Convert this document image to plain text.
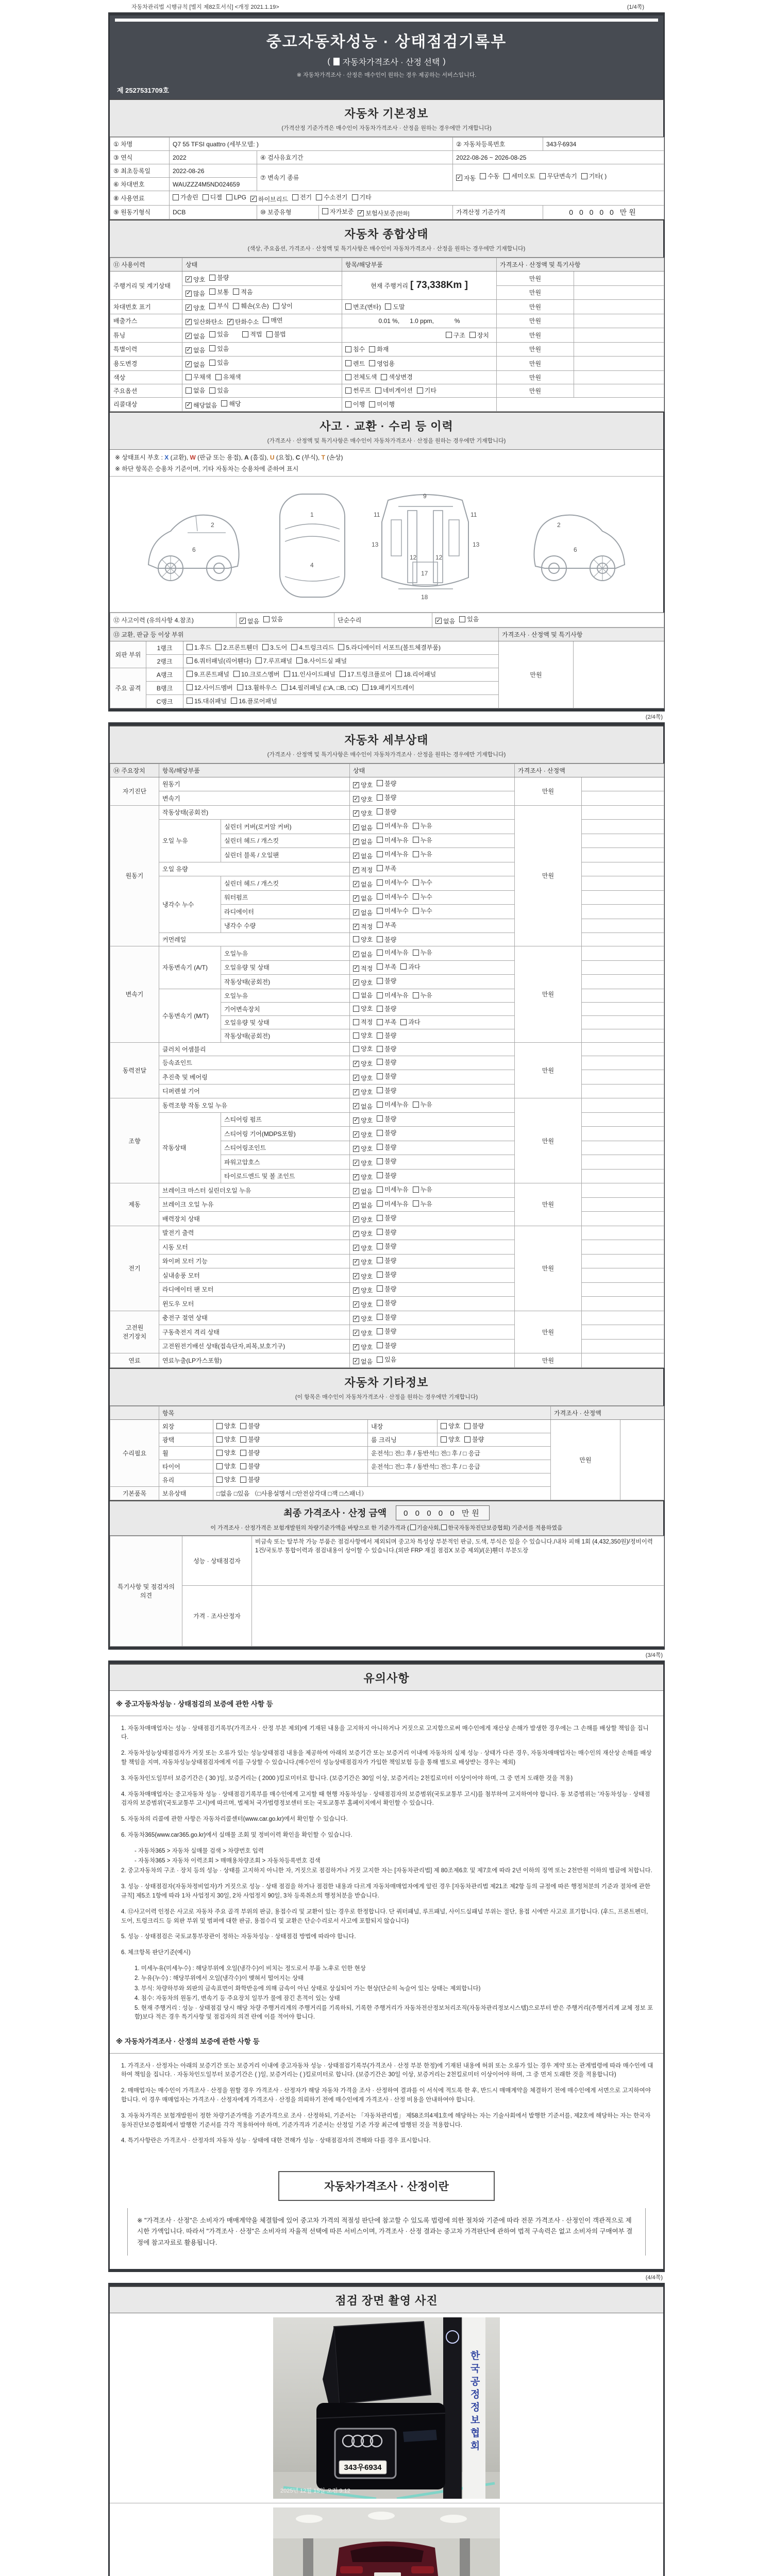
자동차관리법 시행규칙 [별지 제82호서식] <개정 2021.1.19>	(1/4쪽)
중고자동차성능 · 상태점검기록부
( 자동차가격조사 · 산정 선택 )
※ 자동차가격조사 · 산정은 매수인이 원하는 경우 제공하는 서비스입니다.
제 2527531709호
자동차 기본정보
(가격산정 기준가격은 매수인이 자동차가격조사 · 산정을 원하는 경우에만 기재합니다)
① 차명	Q7 55 TFSI quattro (세부모델: )			② 자동차등록번호	343우6934
③ 연식	2022	④ 검사유효기간		2022-08-26 ~ 2026-08-25	
⑤ 최초등록일	2022-08-26	⑦ 변속기 종류	✓ 자동 수동 세미오토 무단변속기 기타( )

⑥ 차대번호	WAUZZZ4M5ND024659				
⑧ 사용연료	가솔린 디젤 LPG ✓ 하이브리드 전기 수소전기 기타

⑨ 원동기형식	DCB	⑩ 보증유형	자가보증 ✓ 보험사보증 [한화]	가격산정 기준가격	0 0 0 0 0 만원
자동차 종합상태
(색상, 주요옵션, 가격조사 · 산정액 및 특기사항은 매수인이 자동차가격조사 · 산정을 원하는 경우에만 기재합니다)
⑪ 사용이력	상태	항목/해당부품	가격조사 · 산정액 및 특기사항	
주행거리 및 계기상태	✓ 양호 불량	현재 주행거리 [ 73,338Km ]	만원	

✓ 많음 보통 적음		만원	
차대번호 표기	✓ 양호 부식 훼손(오손) 상이	변조(변타) 도말	만원	
배출가스	✓ 일산화탄소 ✓ 탄화수소 매연	0.01 %,      1.0 ppm,            %	만원	
튜닝	✓ 없음 있음 적법 불법	구조 장치	만원	
특별이력	✓ 없음 있음	침수 화재	만원	
용도변경	✓ 없음 있음	렌트 영업용	만원	
색상	무채색 유채색	전체도색 색상변경	만원	
주요옵션	없음 있음	썬루프 네비게이션 기타	만원	
리콜대상	✓ 해당없음 해당	이행 미이행		

사고 · 교환 · 수리 등 이력
(가격조사 · 산정액 및 특기사항은 매수인이 자동차가격조사 · 산정을 원하는 경우에만 기재합니다)
※ 상태표시 부호 : X (교환), W (판금 또는 용접), A (흠집), U (요철), C (부식), T (손상)
※ 하단 항목은 승용차 기준이며, 기타 자동차는 승용차에 준하여 표시
2
6
1
4
9
11	11
13	13
12	12
17
18
2
6
⑫ 사고이력 (유의사항 4.참조)	✓ 없음 있음	단순수리	✓ 없음 있음
⑬ 교환, 판금 등 이상 부위			가격조사 · 산정액 및 특기사항	
외판 부위	1랭크	1.후드 2.프론트휀더 3.도어 4.트렁크리드 5.라디에이터 서포트(볼트체결부품)	만원	
	2랭크	6.쿼터패널(리어휀다) 7.루프패널 8.사이드실 패널		

주요 골격	A랭크	9.프론트패널 10.크로스멤버 11.인사이드패널 17.트렁크플로어 18.리어패널		

	B랭크	12.사이드멤버 13.휠하우스 14.필러패널 (□A, □B, □C) 19.패키지트레이		

	C랭크	15.대쉬패널 16.플로어패널		
(2/4쪽)
자동차 세부상태
(가격조사 · 산정액 및 특기사항은 매수인이 자동차가격조사 · 산정을 원하는 경우에만 기재합니다)
⑭ 주요장치	항목/해당부품		상태	가격조사 · 산정액	
자기진단	원동기		✓ 양호 불량	만원	
	변속기		✓ 양호 불량		

원동기	작동상태(공회전)		✓ 양호 불량	만원	
	오일 누유	실린더 커버(로커암 커버)	✓ 없음 미세누유 누유		

		실린더 헤드 / 개스킷	✓ 없음 미세누유 누유		

		실린더 블록 / 오일팬	✓ 없음 미세누유 누유		

	오일 유량		✓ 적정 부족		

	냉각수 누수	실린더 헤드 / 개스킷	✓ 없음 미세누수 누수		

		워터펌프	✓ 없음 미세누수 누수		

		라디에이터	✓ 없음 미세누수 누수		

		냉각수 수량	✓ 적정 부족		

	커먼레일		양호 불량		

변속기	자동변속기 (A/T)	오일누유	✓ 없음 미세누유 누유	만원	
		오일유량 및 상태	✓ 적정 부족 과다		

		작동상태(공회전)	✓ 양호 불량		

	수동변속기 (M/T)	오일누유	없음 미세누유 누유		

		기어변속장치	양호 불량		

		오일유량 및 상태	적정 부족 과다		

		작동상태(공회전)	양호 불량		

동력전달	클러치 어셈블리		양호 불량	만원	
	등속죠인트		✓ 양호 불량		

	추진축 및 베어링		✓ 양호 불량		

	디퍼렌셜 기어		✓ 양호 불량		

조향	동력조향 작동 오일 누유		✓ 없음 미세누유 누유	만원	
	작동상태	스티어링 펌프	✓ 양호 불량		

		스티어링 기어(MDPS포함)	✓ 양호 불량		

		스티어링조인트	✓ 양호 불량		

		파워고압호스	✓ 양호 불량		

		타이로드엔드 및 볼 조인트	✓ 양호 불량		

제동	브레이크 마스터 실린더오일 누유		✓ 없음 미세누유 누유	만원	
	브레이크 오일 누유		✓ 없음 미세누유 누유		

	배력장치 상태		✓ 양호 불량		

전기	발전기 출력		✓ 양호 불량	만원	
	시동 모터		✓ 양호 불량		

	와이퍼 모터 기능		✓ 양호 불량		

	실내송풍 모터		✓ 양호 불량		

	라디에이터 팬 모터		✓ 양호 불량		

	윈도우 모터		✓ 양호 불량		

고전원 전기장치	충전구 절연 상태		✓ 양호 불량	만원	
	구동축전지 격리 상태		✓ 양호 불량		

	고전원전기배선 상태(접속단자,피복,보호기구)		✓ 양호 불량		

연료	연료누출(LP가스포함)		✓ 없음 있음	만원	
자동차 기타정보
(이 항목은 매수인이 자동차가격조사 · 산정을 원하는 경우에만 기재합니다)
	항목				가격조사 · 산정액	
수리필요	외장	양호 불량	내장	양호 불량	만원	
	광택	양호 불량	룸 크리닝	양호 불량		

	휠	양호 불량	운전석□ 전□ 후 / 동반석□ 전□ 후 / □ 응급			
	타이어	양호 불량	운전석□ 전□ 후 / 동반석□ 전□ 후 / □ 응급			
	유리	양호 불량				

기본품목	보유상태	□없음 □있음 （□사용설명서 □안전삼각대 □잭 □스패너）				
최종 가격조사 · 산정 금액	0 0 0 0 0 만원
이 가격조사 · 산정가격은 보험개발원의 차량기준가액을 바탕으로 한 기준가격과 ( 기술사회, 한국자동차진단보증협회) 기준서를 적용하였음
특기사항 및 점검자의 의견	성능 · 상태점검자	비금속 또는 탈부착 가능 부품은 점검사항에서 제외되며 중고차 특성상 부분적인 판금, 도색, 부식은 있을 수 있습니다./내차 피해 1회 (4,432,350원)/정비이력 1건/국토부 통합이력과 점검내용이 상이할 수 있습니다.(외판 FRP 재질 점검X 보증 제외)/(운)휀더 부분도장
	가격 · 조사산정자	
(3/4쪽)
유의사항
※ 중고자동차성능 · 상태점검의 보증에 관한 사항 등
1. 자동차매매업자는 성능 · 상태점검기록부(가격조사 · 산정 부분 제외)에 기재된 내용을 고지하지 아니하거나 거짓으로 고지함으로써 매수인에게 재산상 손해가 발생한 경우에는 그 손해를 배상할 책임을 집니다.
2. 자동차성능상태점검자가 거짓 또는 오류가 있는 성능상태점검 내용을 제공하여 아래의 보증기간 또는 보증거리 이내에 자동차의 실제 성능 · 상태가 다른 경우, 자동차매매업자는 매수인의 재산상 손해를 배상할 책임을 지며, 자동차성능상태점검자에게 이를 구상할 수 있습니다.(매수인이 성능상태점검자가 가입한 책임보험 등을 통해 별도로 배상받는 경우는 제외)
3. 자동차인도일부터 보증기간은 ( 30 )일, 보증거리는 ( 2000 )킬로미터로 합니다. (보증기간은 30일 이상, 보증거리는 2천킬로미터 이상이어야 하며, 그 중 먼저 도래한 것을 적용)
4. 자동차매매업자는 중고자동차 성능 · 상태점검기록부를 매수인에게 고지할 때 현행 자동차성능 · 상태점검자의 보증범위(국토교통부 고시)를 첨부하여 고지하여야 합니다. 동 보증범위는 '자동차성능 · 상태점검자의 보증범위'(국토교통부 고시)에 따르며, 법제처 국가법령정보센터 또는 국토교통부 홈페이지에서 확인할 수 있습니다.
5. 자동차의 리콜에 관한 사항은 자동차리콜센터(www.car.go.kr)에서 확인할 수 있습니다.
6. 자동차365(www.car365.go.kr)에서 실매물 조회 및 정비이력 확인을 확인할 수 있습니다.
- 자동차365 > 자동차 실매물 검색 > 차량번호 입력
- 자동차365 > 자동차 이력조회 > 매매용차량조회 > 자동차등록번호 검색
2. 중고자동차의 구조 · 장치 등의 성능 · 상태를 고지하지 아니한 자, 거짓으로 점검하거나 거짓 고지한 자는 [자동차관리법] 제 80조제6호 및 제7호에 따라 2년 이하의 징역 또는 2천만원 이하의 벌금에 처합니다.
3. 성능 · 상태점검자(자동차정비업자)가 거짓으로 성능 · 상태 점검을 하거나 점검한 내용과 다르게 자동차매매업자에게 알린 경우 [자동차관리법 제21조 제2항 등의 규정에 따른 행정처분의 기준과 절차에 관한 규칙] 제5조 1항에 따라 1차 사업정지 30일, 2차 사업정지 90일, 3차 등록취소의 행정처분을 받습니다.
4. ⑫사고이력 인정은 사고로 자동차 주요 골격 부위의 판금, 용접수리 및 교환이 있는 경우로 한정합니다. 단 쿼터패널, 루프패널, 사이드실패널 부위는 절단, 용접 시에만 사고로 표기합니다. (후드, 프론트펜더, 도어, 트렁크리드 등 외판 부위 및 범퍼에 대한 판금, 용접수리 및 교환은 단순수리로서 사고에 포함되지 않습니다)
5. 성능 · 상태점검은 국토교통부장관이 정하는 자동차성능 · 상태점검 방법에 따라야 합니다.
6. 체크항목 판단기준(예시)
1. 미세누유(미세누수) : 해당부위에 오일(냉각수)이 비치는 정도로서 부품 노후로 인한 현상
2. 누유(누수) : 해당부위에서 오일(냉각수)이 맺혀서 떨어지는 상태
3. 부식: 차량하부와 외판의 금속표면이 화학반응에 의해 금속이 아닌 상태로 상실되어 가는 현상(단순히 녹슬어 있는 상태는 제외합니다)
4. 침수: 자동차의 원동기, 변속기 등 주요장치 일부가 물에 잠긴 흔적이 있는 상태
5. 현재 주행거리 : 성능 · 상태점검 당시 해당 차량 주행거리계의 주행거리를 기록하되, 기록한 주행거리가 자동차전산정보처리조직(자동차관리정보시스템)으로부터 받은 주행거리(주행거리계 교체 정보 포함)보다 적은 경우 특기사항 및 점검자의 의견 란에 이를 적어야 합니다.
※ 자동차가격조사 · 산정의 보증에 관한 사항 등
1. 가격조사 · 산정자는 아래의 보증기간 또는 보증거리 이내에 중고자동차 성능 · 상태점검기록부(가격조사 · 산정 부분 한정)에 기재된 내용에 허위 또는 오류가 있는 경우 계약 또는 관계법령에 따라 매수인에 대하여 책임을 집니다. · 자동차인도일부터 보증기간은 ( )일, 보증거리는 ( )킬로미터로 합니다. (보증기간은 30일 이상, 보증거리는 2천킬로미터 이상이어야 하며, 그 중 먼저 도래한 것을 적용합니다)
2. 매매업자는 매수인이 가격조사 · 산정을 원할 경우 가격조사 · 산정자가 해당 자동차 가격을 조사 · 산정하여 결과를 이 서식에 적도록 한 후, 반드시 매매계약을 체결하기 전에 매수인에게 서면으로 고지하여야 합니다. 이 경우 매매업자는 가격조사 · 산정자에게 가격조사 · 산정을 의뢰하기 전에 매수인에게 가격조사 · 산정 비용을 안내하여야 합니다.
3. 자동차가격은 보험개발원이 정한 차량기준가액을 기준가격으로 조사 · 산정하되, 기준서는 「자동차관리법」 제58조의4제1호에 해당하는 자는 기술사회에서 발행한 기준서를, 제2호에 해당하는 자는 한국자동차진단보증협회에서 발행한 기준서를 각각 적용하여야 하며, 기준가격과 기준서는 산정일 기준 가장 최근에 발행된 것을 적용합니다.
4. 특기사항란은 가격조사 · 산정자의 자동차 성능 · 상태에 대한 견해가 성능 · 상태점검자의 견해와 다를 경우 표시합니다.
자동차가격조사 · 산정이란
※ "가격조사 · 산정"은 소비자가 매매계약을 체결함에 있어 중고차 가격의 적절성 판단에 참고할 수 있도록 법령에 의한 절차와 기준에 따라 전문 가격조사 · 산정인이 객관적으로 제시한 가액입니다. 따라서 "가격조사 · 산정"은 소비자의 자율적 선택에 따른 서비스이며, 가격조사 · 산정 결과는 중고차 가격판단에 관하여 법적 구속력은 없고 소비자의 구매여부 결정에 참고자료로 활용됩니다.
(4/4쪽)
점검 장면 촬영 사진
한국공정정보협회
343우6934
2025년 12월 15일 오전 9:12
